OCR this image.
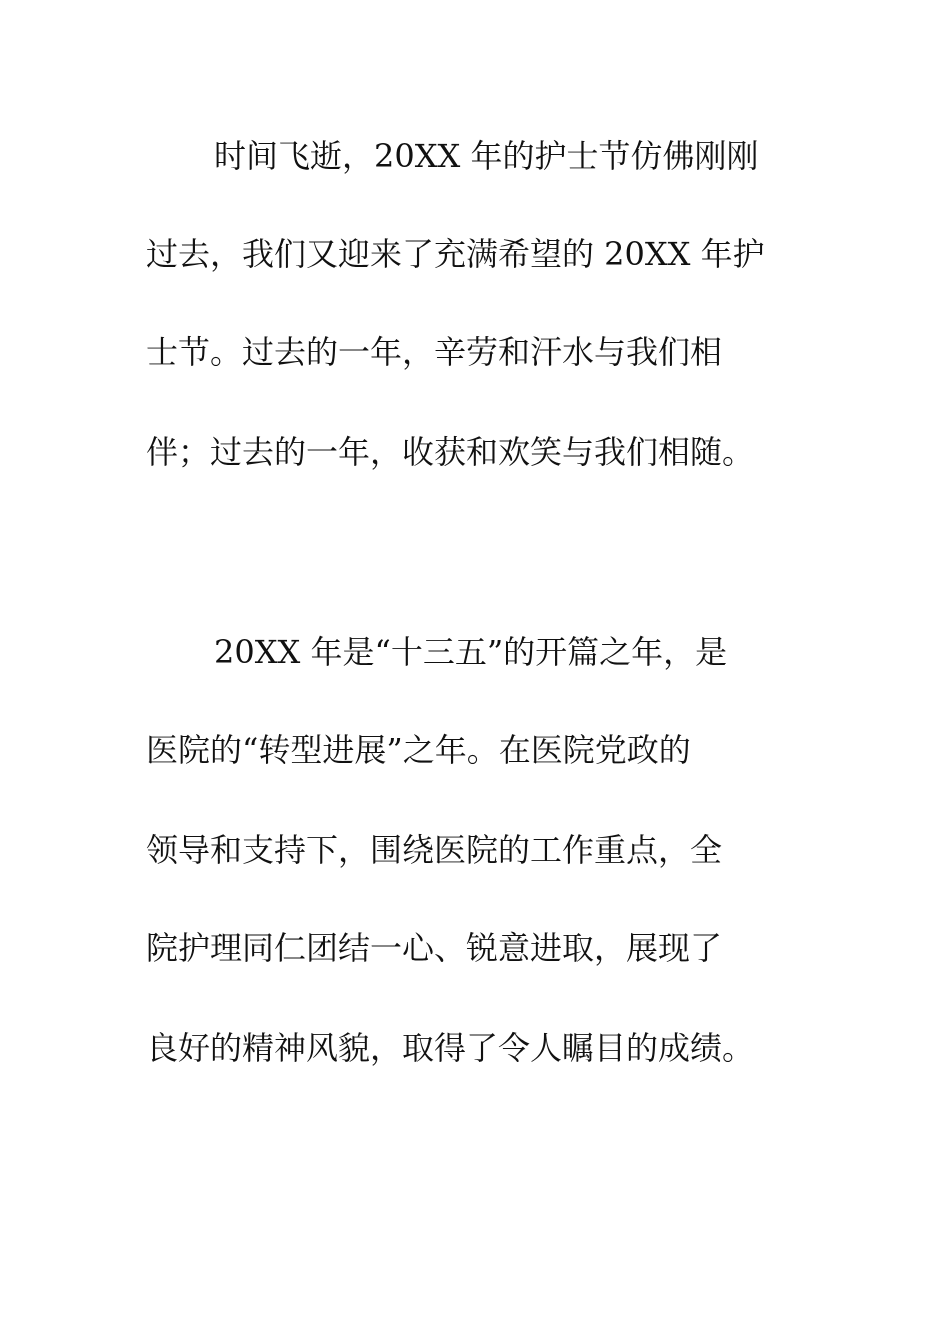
时间飞逝，20XX 年的护士节仿佛刚刚
过去，我们又迎来了充满希望的 20XX 年护
士节。过去的一年，辛劳和汗水与我们相
伴；过去的一年，收获和欢笑与我们相随。
20XX 年是“十三五”的开篇之年，是
医院的“转型进展”之年。在医院党政的
领导和支持下，围绕医院的工作重点，全
院护理同仁团结一心、锐意进取，展现了
良好的精神风貌，取得了令人瞩目的成绩。
